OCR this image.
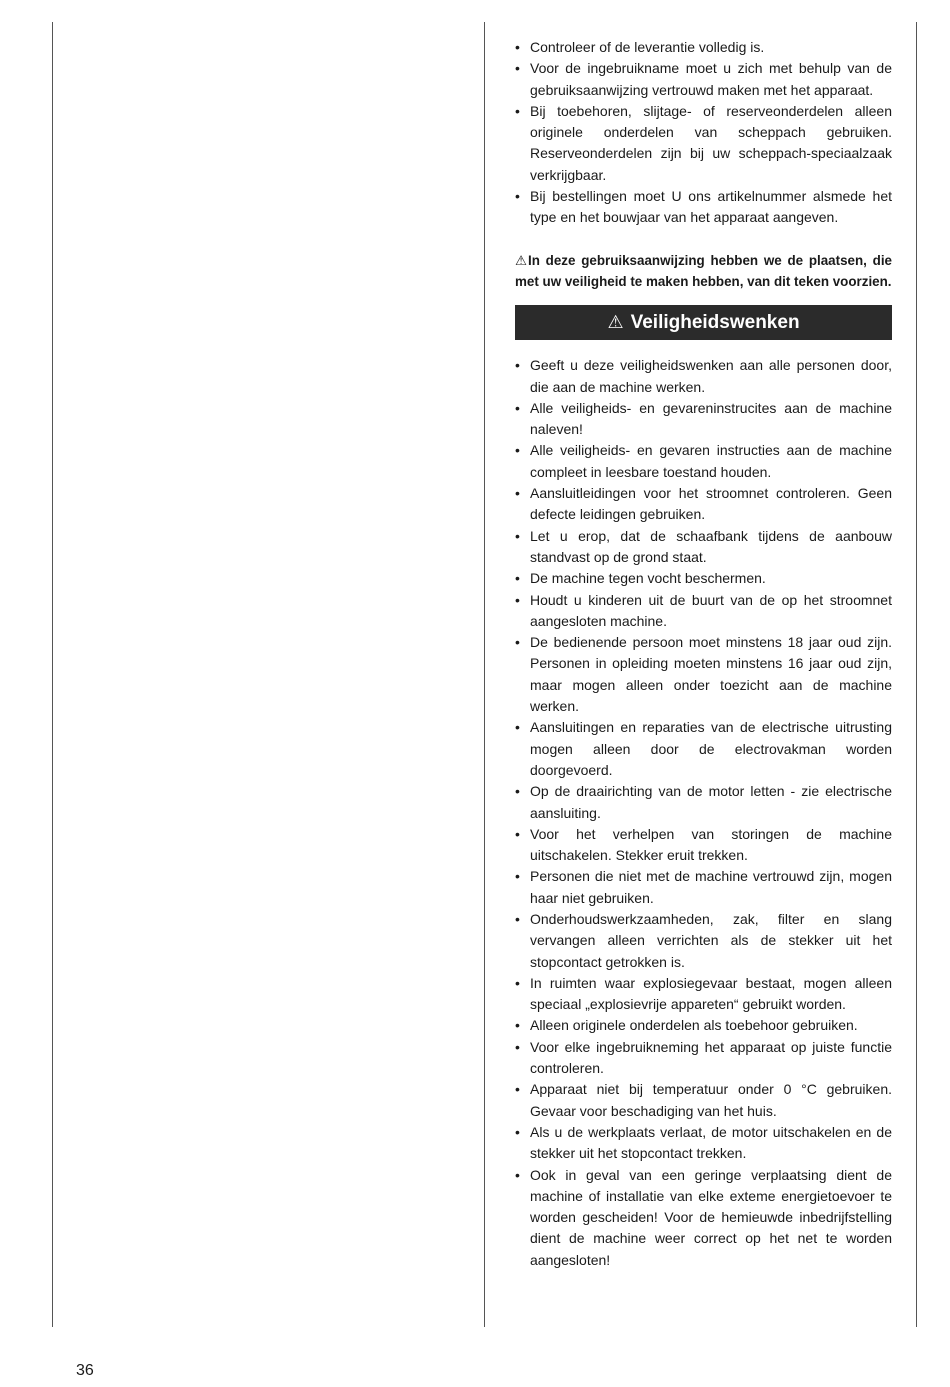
• Controleer of de leverantie volledig is.
• Voor de ingebruikname moet u zich met behulp van de gebruiksaanwijzing vertrouwd maken met het apparaat.
• Bij toebehoren, slijtage- of reserveonderdelen alleen originele onderdelen van scheppach gebruiken. Reserveonderdelen zijn bij uw scheppach-speciaalzaak verkrijgbaar.
• Bij bestellingen moet U ons artikelnummer alsmede het type en het bouwjaar van het apparaat aangeven.
⚠In deze gebruiksaanwijzing hebben we de plaatsen, die met uw veiligheid te maken hebben, van dit teken voorzien.
⚠ Veiligheidswenken
• Geeft u deze veiligheidswenken aan alle personen door, die aan de machine werken.
• Alle veiligheids- en gevareninstrucites aan de machine naleven!
• Alle veiligheids- en gevaren instructies aan de machine compleet in leesbare toestand houden.
• Aansluitleidingen voor het stroomnet controleren. Geen defecte leidingen gebruiken.
• Let u erop, dat de schaafbank tijdens de aanbouw standvast op de grond staat.
• De machine tegen vocht beschermen.
• Houdt u kinderen uit de buurt van de op het stroomnet aangesloten machine.
• De bedienende persoon moet minstens 18 jaar oud zijn. Personen in opleiding moeten minstens 16 jaar oud zijn, maar mogen alleen onder toezicht aan de machine werken.
• Aansluitingen en reparaties van de electrische uitrusting mogen alleen door de electrovakman worden doorgevoerd.
• Op de draairichting van de motor letten - zie electrische aansluiting.
• Voor het verhelpen van storingen de machine uitschakelen. Stekker eruit trekken.
• Personen die niet met de machine vertrouwd zijn, mogen haar niet gebruiken.
• Onderhoudswerkzaamheden, zak, filter en slang vervangen alleen verrichten als de stekker uit het stopcontact getrokken is.
• In ruimten waar explosiegevaar bestaat, mogen alleen speciaal „explosievrije appareten“ gebruikt worden.
• Alleen originele onderdelen als toebehoor gebruiken.
• Voor elke ingebruikneming het apparaat op juiste functie controleren.
• Apparaat niet bij temperatuur onder 0 °C gebruiken. Gevaar voor beschadiging van het huis.
• Als u de werkplaats verlaat, de motor uitschakelen en de stekker uit het stopcontact trekken.
• Ook in geval van een geringe verplaatsing dient de machine of installatie van elke exteme energietoevoer te worden gescheiden! Voor de hemieuwde inbedrijfstelling dient de machine weer correct op het net te worden aangesloten!
36
